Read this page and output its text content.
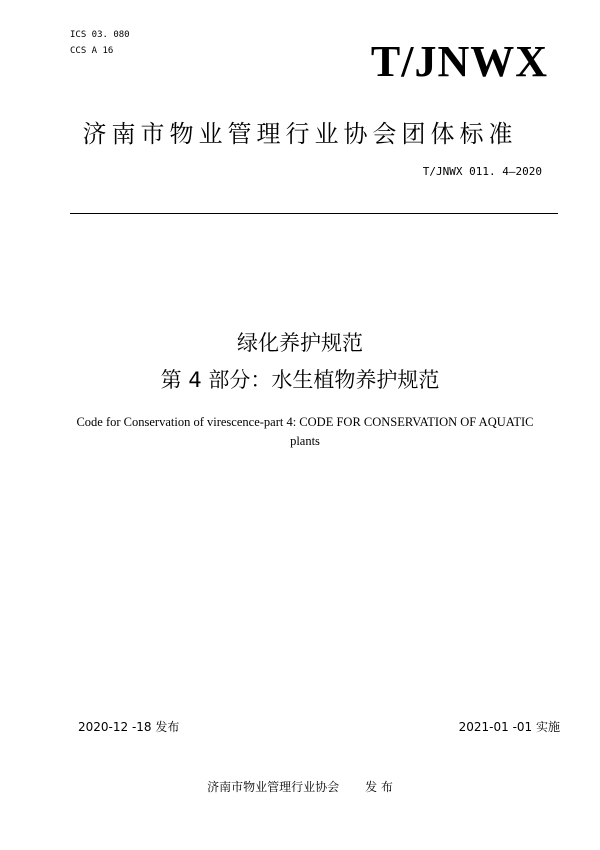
ICS 03. 080
CCS A 16	T/JNWX
济南市物业管理行业协会团体标准
T/JNWX 011. 4—2020
绿化养护规范
第 4 部分：水生植物养护规范
Code for Conservation of virescence-part 4: CODE FOR CONSERVATION OF AQUATIC plants
2020-12 -18 发布	2021-01 -01 实施
济南市物业管理行业协会 发 布
